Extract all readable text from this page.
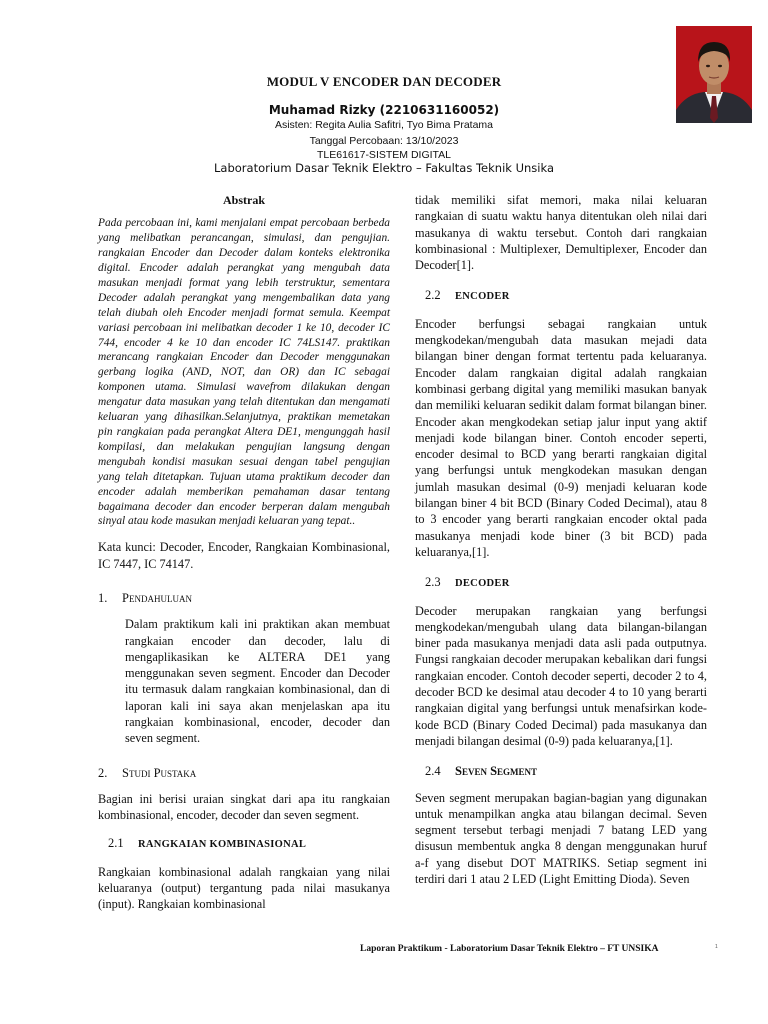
MODUL V ENCODER DAN DECODER
Muhamad Rizky (2210631160052)
Asisten: Regita Aulia Safitri, Tyo Bima Pratama
Tanggal Percobaan: 13/10/2023
TLE61617-SISTEM DIGITAL
Laboratorium Dasar Teknik Elektro – Fakultas Teknik Unsika
Abstrak

Pada percobaan ini, kami menjalani empat percobaan berbeda yang melibatkan perancangan, simulasi, dan pengujian. rangkaian Encoder dan Decoder dalam konteks elektronika digital. Encoder adalah perangkat yang mengubah data masukan menjadi format yang lebih terstruktur, sementara Decoder adalah perangkat yang mengembalikan data yang telah diubah oleh Encoder menjadi format semula. Keempat variasi percobaan ini melibatkan decoder 1 ke 10, decoder IC 744, encoder 4 ke 10 dan encoder IC 74LS147. praktikan merancang rangkaian Encoder dan Decoder menggunakan gerbang logika (AND, NOT, dan OR) dan IC sebagai komponen utama. Simulasi wavefrom dilakukan dengan mengatur data masukan yang telah ditentukan dan mengamati keluaran yang dihasilkan.Selanjutnya, praktikan memetakan pin rangkaian pada perangkat Altera DE1, mengunggah hasil kompilasi, dan melakukan pengujian langsung dengan mengubah kondisi masukan sesuai dengan tabel pengujian yang telah ditetapkan. Tujuan utama praktikum decoder dan encoder adalah memberikan pemahaman dasar tentang bagaimana decoder dan encoder berperan dalam mengubah sinyal atau kode masukan menjadi keluaran yang tepat..

Kata kunci: Decoder, Encoder, Rangkaian Kombinasional, IC 7447, IC 74147.

1. Pendahuluan

Dalam praktikum kali ini praktikan akan membuat rangkaian encoder dan decoder, lalu di mengaplikasikan ke ALTERA DE1 yang menggunakan seven segment. Encoder dan Decoder itu termasuk dalam rangkaian kombinasional, dan di laporan kali ini saya akan menjelaskan apa itu rangkaian kombinasional, encoder, decoder dan seven segment.

2. Studi Pustaka

Bagian ini berisi uraian singkat dari apa itu rangkaian kombinasional, encoder, decoder dan seven segment.

2.1 RANGKAIAN KOMBINASIONAL

Rangkaian kombinasional adalah rangkaian yang nilai keluaranya (output) tergantung pada nilai masukanya (input). Rangkaian kombinasional

tidak memiliki sifat memori, maka nilai keluaran rangkaian di suatu waktu hanya ditentukan oleh nilai dari masukanya di waktu tersebut. Contoh dari rangkaian kombinasional : Multiplexer, Demultiplexer, Encoder dan Decoder[1].

2.2 ENCODER

Encoder berfungsi sebagai rangkaian untuk mengkodekan/mengubah data masukan mejadi data bilangan biner dengan format tertentu pada keluaranya. Encoder dalam rangkaian digital adalah rangkaian kombinasi gerbang digital yang memiliki masukan banyak dan memiliki keluaran sedikit dalam format bilangan biner. Encoder akan mengkodekan setiap jalur input yang aktif menjadi kode bilangan biner. Contoh encoder seperti, encoder desimal to BCD yang berarti rangkaian digital yang berfungsi untuk mengkodekan masukan dengan jumlah masukan desimal (0-9) menjadi keluaran kode bilangan biner 4 bit BCD (Binary Coded Decimal), atau 8 to 3 encoder yang berarti rangkaian encoder oktal pada masukanya menjadi kode biner (3 bit BCD) pada keluaranya,[1].

2.3 DECODER

Decoder merupakan rangkaian yang berfungsi mengkodekan/mengubah ulang data bilangan-bilangan biner pada masukanya menjadi data asli pada outputnya. Fungsi rangkaian decoder merupakan kebalikan dari fungsi rangkaian encoder. Contoh decoder seperti, decoder 2 to 4, decoder BCD ke desimal atau decoder 4 to 10 yang berarti rangkaian digital yang berfungsi untuk menafsirkan kode-kode BCD (Binary Coded Decimal) pada masukanya dan menjadi bilangan desimal (0-9) pada keluaranya,[1].

2.4 Seven Segment

Seven segment merupakan bagian-bagian yang digunakan untuk menampilkan angka atau bilangan decimal. Seven segment tersebut terbagi menjadi 7 batang LED yang disusun membentuk angka 8 dengan menggunakan huruf a-f yang disebut DOT MATRIKS. Setiap segment ini terdiri dari 1 atau 2 LED (Light Emitting Dioda). Seven

Laporan Praktikum - Laboratorium Dasar Teknik Elektro – FT UNSIKA	1
